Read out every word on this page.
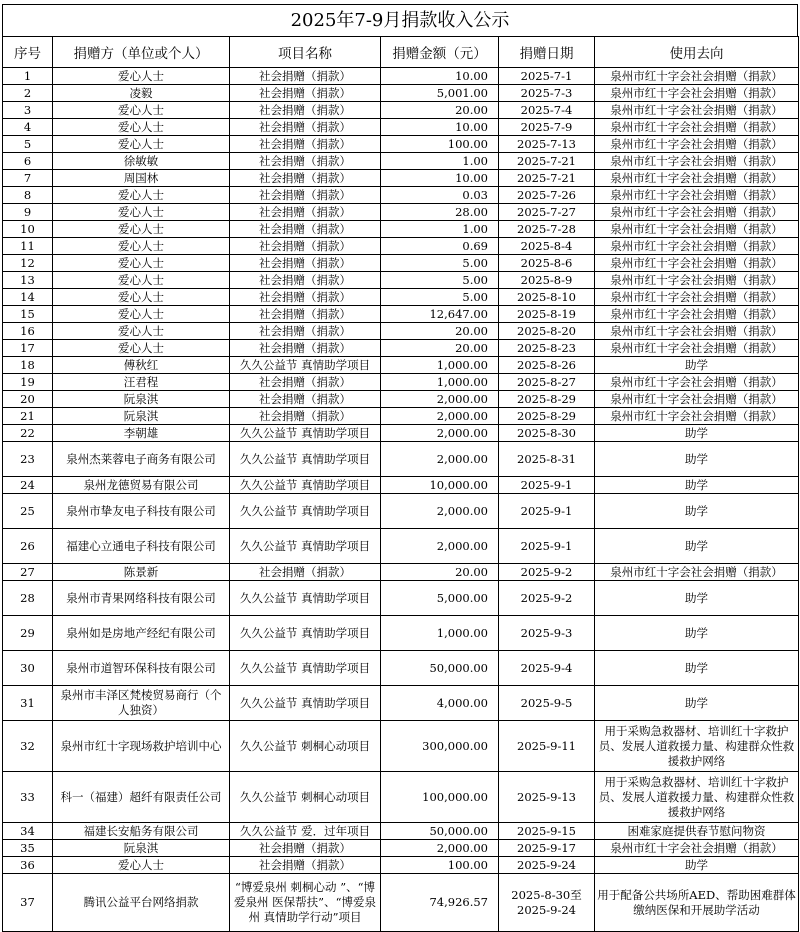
2025年7-9月捐款收入公示
序号	捐赠方（单位或个人）	项目名称	捐赠金额（元）	捐赠日期	使用去向
1	爱心人士	社会捐赠（捐款）	10.00	2025-7-1	泉州市红十字会社会捐赠（捐款）
2	凌毅	社会捐赠（捐款）	5,001.00	2025-7-3	泉州市红十字会社会捐赠（捐款）
3	爱心人士	社会捐赠（捐款）	20.00	2025-7-4	泉州市红十字会社会捐赠（捐款）
4	爱心人士	社会捐赠（捐款）	10.00	2025-7-9	泉州市红十字会社会捐赠（捐款）
5	爱心人士	社会捐赠（捐款）	100.00	2025-7-13	泉州市红十字会社会捐赠（捐款）
6	徐敏敏	社会捐赠（捐款）	1.00	2025-7-21	泉州市红十字会社会捐赠（捐款）
7	周国林	社会捐赠（捐款）	10.00	2025-7-21	泉州市红十字会社会捐赠（捐款）
8	爱心人士	社会捐赠（捐款）	0.03	2025-7-26	泉州市红十字会社会捐赠（捐款）
9	爱心人士	社会捐赠（捐款）	28.00	2025-7-27	泉州市红十字会社会捐赠（捐款）
10	爱心人士	社会捐赠（捐款）	1.00	2025-7-28	泉州市红十字会社会捐赠（捐款）
11	爱心人士	社会捐赠（捐款）	0.69	2025-8-4	泉州市红十字会社会捐赠（捐款）
12	爱心人士	社会捐赠（捐款）	5.00	2025-8-6	泉州市红十字会社会捐赠（捐款）
13	爱心人士	社会捐赠（捐款）	5.00	2025-8-9	泉州市红十字会社会捐赠（捐款）
14	爱心人士	社会捐赠（捐款）	5.00	2025-8-10	泉州市红十字会社会捐赠（捐款）
15	爱心人士	社会捐赠（捐款）	12,647.00	2025-8-19	泉州市红十字会社会捐赠（捐款）
16	爱心人士	社会捐赠（捐款）	20.00	2025-8-20	泉州市红十字会社会捐赠（捐款）
17	爱心人士	社会捐赠（捐款）	20.00	2025-8-23	泉州市红十字会社会捐赠（捐款）
18	傅秋红	久久公益节 真情助学项目	1,000.00	2025-8-26	助学
19	汪君程	社会捐赠（捐款）	1,000.00	2025-8-27	泉州市红十字会社会捐赠（捐款）
20	阮泉淇	社会捐赠（捐款）	2,000.00	2025-8-29	泉州市红十字会社会捐赠（捐款）
21	阮泉淇	社会捐赠（捐款）	2,000.00	2025-8-29	泉州市红十字会社会捐赠（捐款）
22	李朝雄	久久公益节 真情助学项目	2,000.00	2025-8-30	助学
23	泉州杰莱蓉电子商务有限公司	久久公益节 真情助学项目	2,000.00	2025-8-31	助学
24	泉州龙德贸易有限公司	久久公益节 真情助学项目	10,000.00	2025-9-1	助学
25	泉州市挚友电子科技有限公司	久久公益节 真情助学项目	2,000.00	2025-9-1	助学
26	福建心立通电子科技有限公司	久久公益节 真情助学项目	2,000.00	2025-9-1	助学
27	陈景新	社会捐赠（捐款）	20.00	2025-9-2	泉州市红十字会社会捐赠（捐款）
28	泉州市青果网络科技有限公司	久久公益节 真情助学项目	5,000.00	2025-9-2	助学
29	泉州如是房地产经纪有限公司	久久公益节 真情助学项目	1,000.00	2025-9-3	助学
30	泉州市道智环保科技有限公司	久久公益节 真情助学项目	50,000.00	2025-9-4	助学
31	泉州市丰泽区梵棱贸易商行（个人独资）	久久公益节 真情助学项目	4,000.00	2025-9-5	助学
32	泉州市红十字现场救护培训中心	久久公益节 刺桐心动项目	300,000.00	2025-9-11	用于采购急救器材、培训红十字救护员、发展人道救援力量、构建群众性救援救护网络
33	科一（福建）超纤有限责任公司	久久公益节 刺桐心动项目	100,000.00	2025-9-13	用于采购急救器材、培训红十字救护员、发展人道救援力量、构建群众性救援救护网络
34	福建长安船务有限公司	久久公益节 爱．过年项目	50,000.00	2025-9-15	困难家庭提供春节慰问物资
35	阮泉淇	社会捐赠（捐款）	2,000.00	2025-9-17	泉州市红十字会社会捐赠（捐款）
36	爱心人士	社会捐赠（捐款）	100.00	2025-9-24	助学
37	腾讯公益平台网络捐款	“博爱泉州 刺桐心动 ”、“博爱泉州 医保帮扶”、“博爱泉州 真情助学行动”项目	74,926.57	2025-8-30至2025-9-24	用于配备公共场所AED、帮助困难群体缴纳医保和开展助学活动
